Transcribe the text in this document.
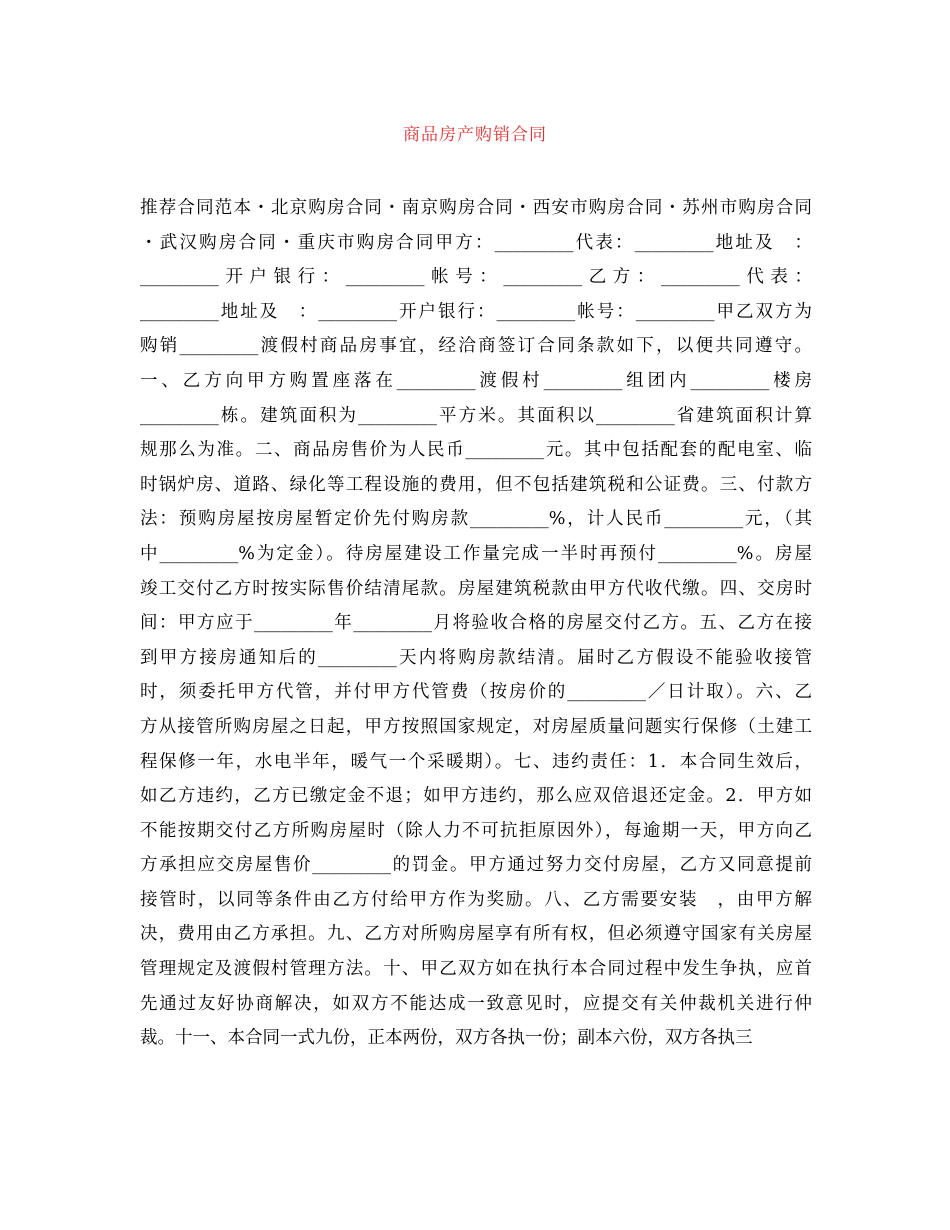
商品房产购销合同
推荐合同范本・北京购房合同・南京购房合同・西安市购房合同・苏州市购房合同
・武汉购房合同・重庆市购房合同甲方：_________代表：_________地址及　：
_________开户银行：_________帐号：_________乙方：_________代表：
_________地址及　：_________开户银行：_________帐号：_________甲乙双方为
购销_________渡假村商品房事宜，经洽商签订合同条款如下，以便共同遵守。
一、乙方向甲方购置座落在_________渡假村_________组团内_________楼房
_________栋。建筑面积为_________平方米。其面积以_________省建筑面积计算
规那么为准。二、商品房售价为人民币_________元。其中包括配套的配电室、临
时锅炉房、道路、绿化等工程设施的费用，但不包括建筑税和公证费。三、付款方
法：预购房屋按房屋暂定价先付购房款_________%，计人民币_________元，（其
中_________%为定金）。待房屋建设工作量完成一半时再预付_________%。房屋
竣工交付乙方时按实际售价结清尾款。房屋建筑税款由甲方代收代缴。四、交房时
间：甲方应于_________年_________月将验收合格的房屋交付乙方。五、乙方在接
到甲方接房通知后的_________天内将购房款结清。届时乙方假设不能验收接管
时，须委托甲方代管，并付甲方代管费（按房价的_________／日计取）。六、乙
方从接管所购房屋之日起，甲方按照国家规定，对房屋质量问题实行保修（土建工
程保修一年，水电半年，暖气一个采暖期）。七、违约责任：1．本合同生效后，
如乙方违约，乙方已缴定金不退；如甲方违约，那么应双倍退还定金。2．甲方如
不能按期交付乙方所购房屋时（除人力不可抗拒原因外），每逾期一天，甲方向乙
方承担应交房屋售价_________的罚金。甲方通过努力交付房屋，乙方又同意提前
接管时，以同等条件由乙方付给甲方作为奖励。八、乙方需要安装　，由甲方解
决，费用由乙方承担。九、乙方对所购房屋享有所有权，但必须遵守国家有关房屋
管理规定及渡假村管理方法。十、甲乙双方如在执行本合同过程中发生争执，应首
先通过友好协商解决，如双方不能达成一致意见时，应提交有关仲裁机关进行仲
裁。十一、本合同一式九份，正本两份，双方各执一份；副本六份，双方各执三
